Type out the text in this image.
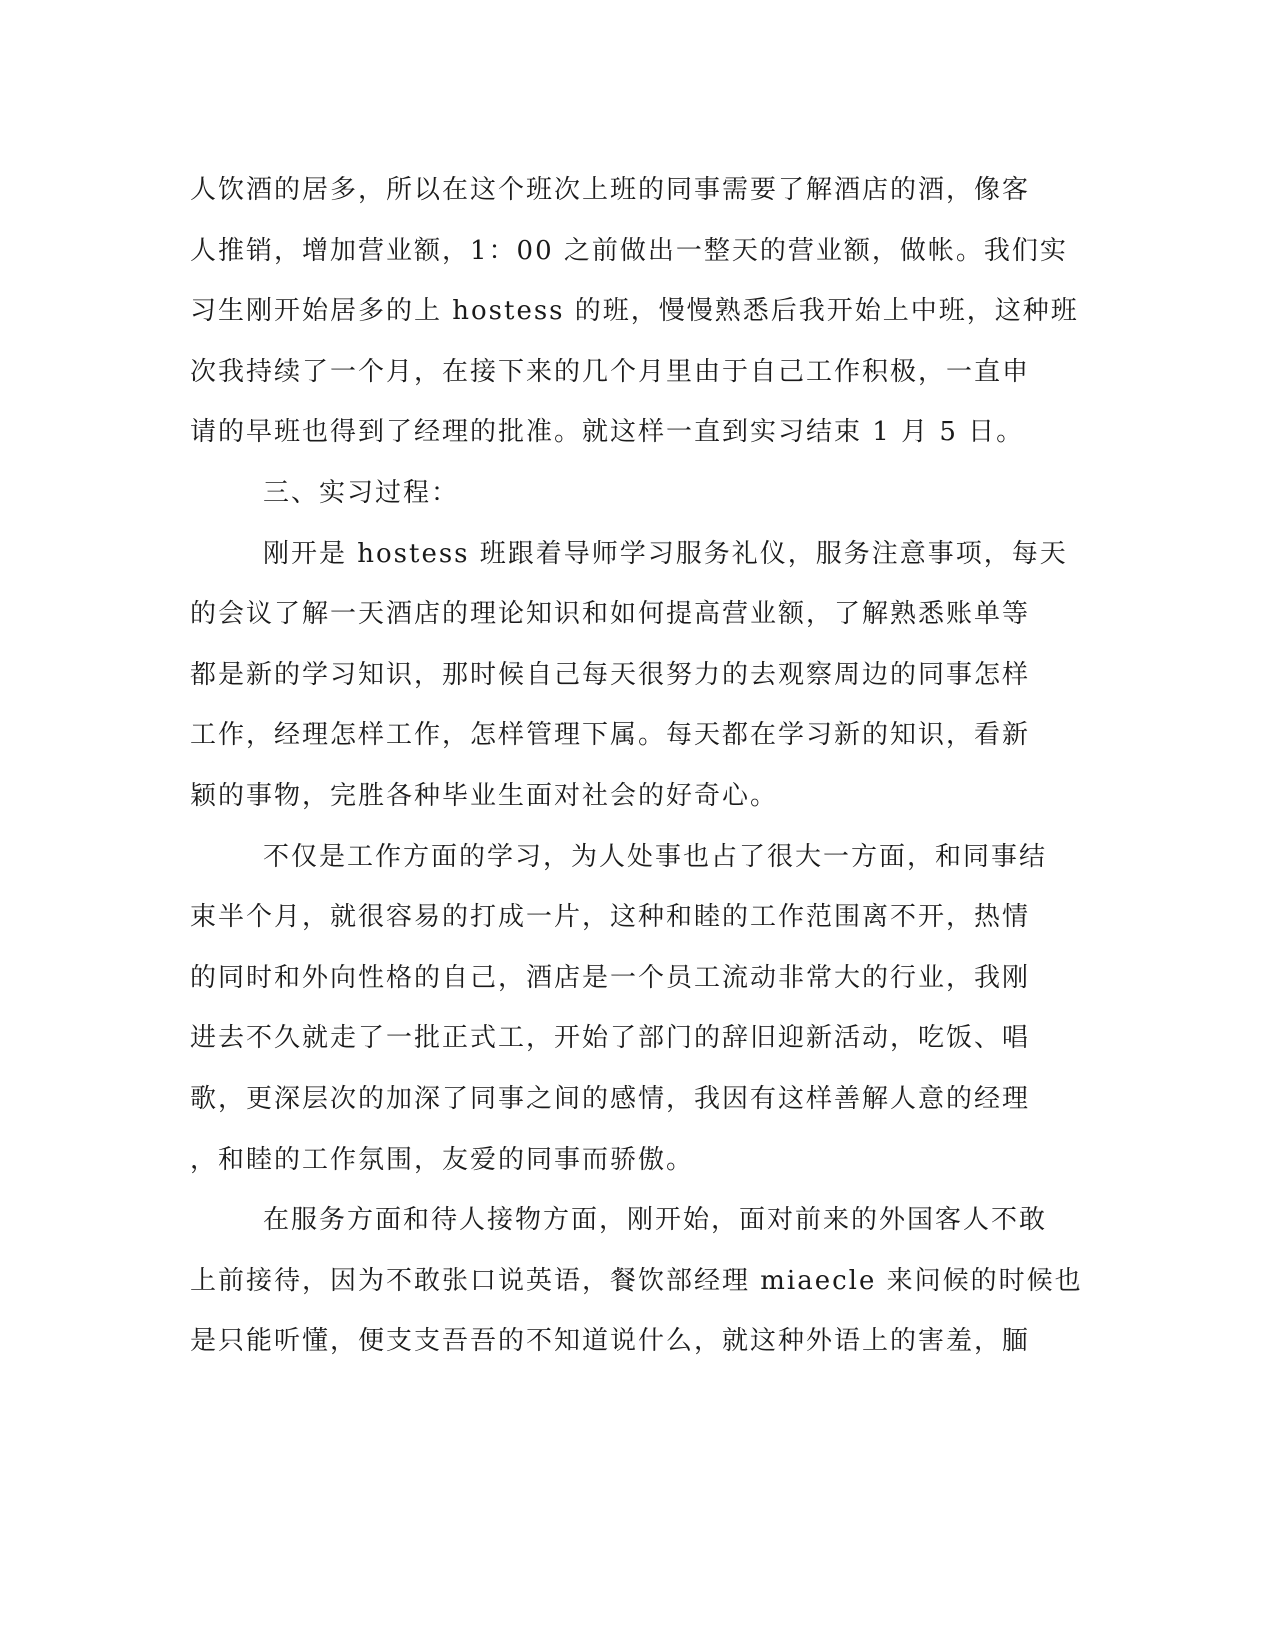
人饮酒的居多，所以在这个班次上班的同事需要了解酒店的酒，像客
人推销，增加营业额，1：00 之前做出一整天的营业额，做帐。我们实
习生刚开始居多的上 hostess 的班，慢慢熟悉后我开始上中班，这种班
次我持续了一个月，在接下来的几个月里由于自己工作积极，一直申
请的早班也得到了经理的批准。就这样一直到实习结束 1 月 5 日。
三、实习过程：
刚开是 hostess 班跟着导师学习服务礼仪，服务注意事项，每天
的会议了解一天酒店的理论知识和如何提高营业额，了解熟悉账单等
都是新的学习知识，那时候自己每天很努力的去观察周边的同事怎样
工作，经理怎样工作，怎样管理下属。每天都在学习新的知识，看新
颖的事物，完胜各种毕业生面对社会的好奇心。
不仅是工作方面的学习，为人处事也占了很大一方面，和同事结
束半个月，就很容易的打成一片，这种和睦的工作范围离不开，热情
的同时和外向性格的自己，酒店是一个员工流动非常大的行业，我刚
进去不久就走了一批正式工，开始了部门的辞旧迎新活动，吃饭、唱
歌，更深层次的加深了同事之间的感情，我因有这样善解人意的经理
，和睦的工作氛围，友爱的同事而骄傲。
在服务方面和待人接物方面，刚开始，面对前来的外国客人不敢
上前接待，因为不敢张口说英语，餐饮部经理 miaecle 来问候的时候也
是只能听懂，便支支吾吾的不知道说什么，就这种外语上的害羞，腼
